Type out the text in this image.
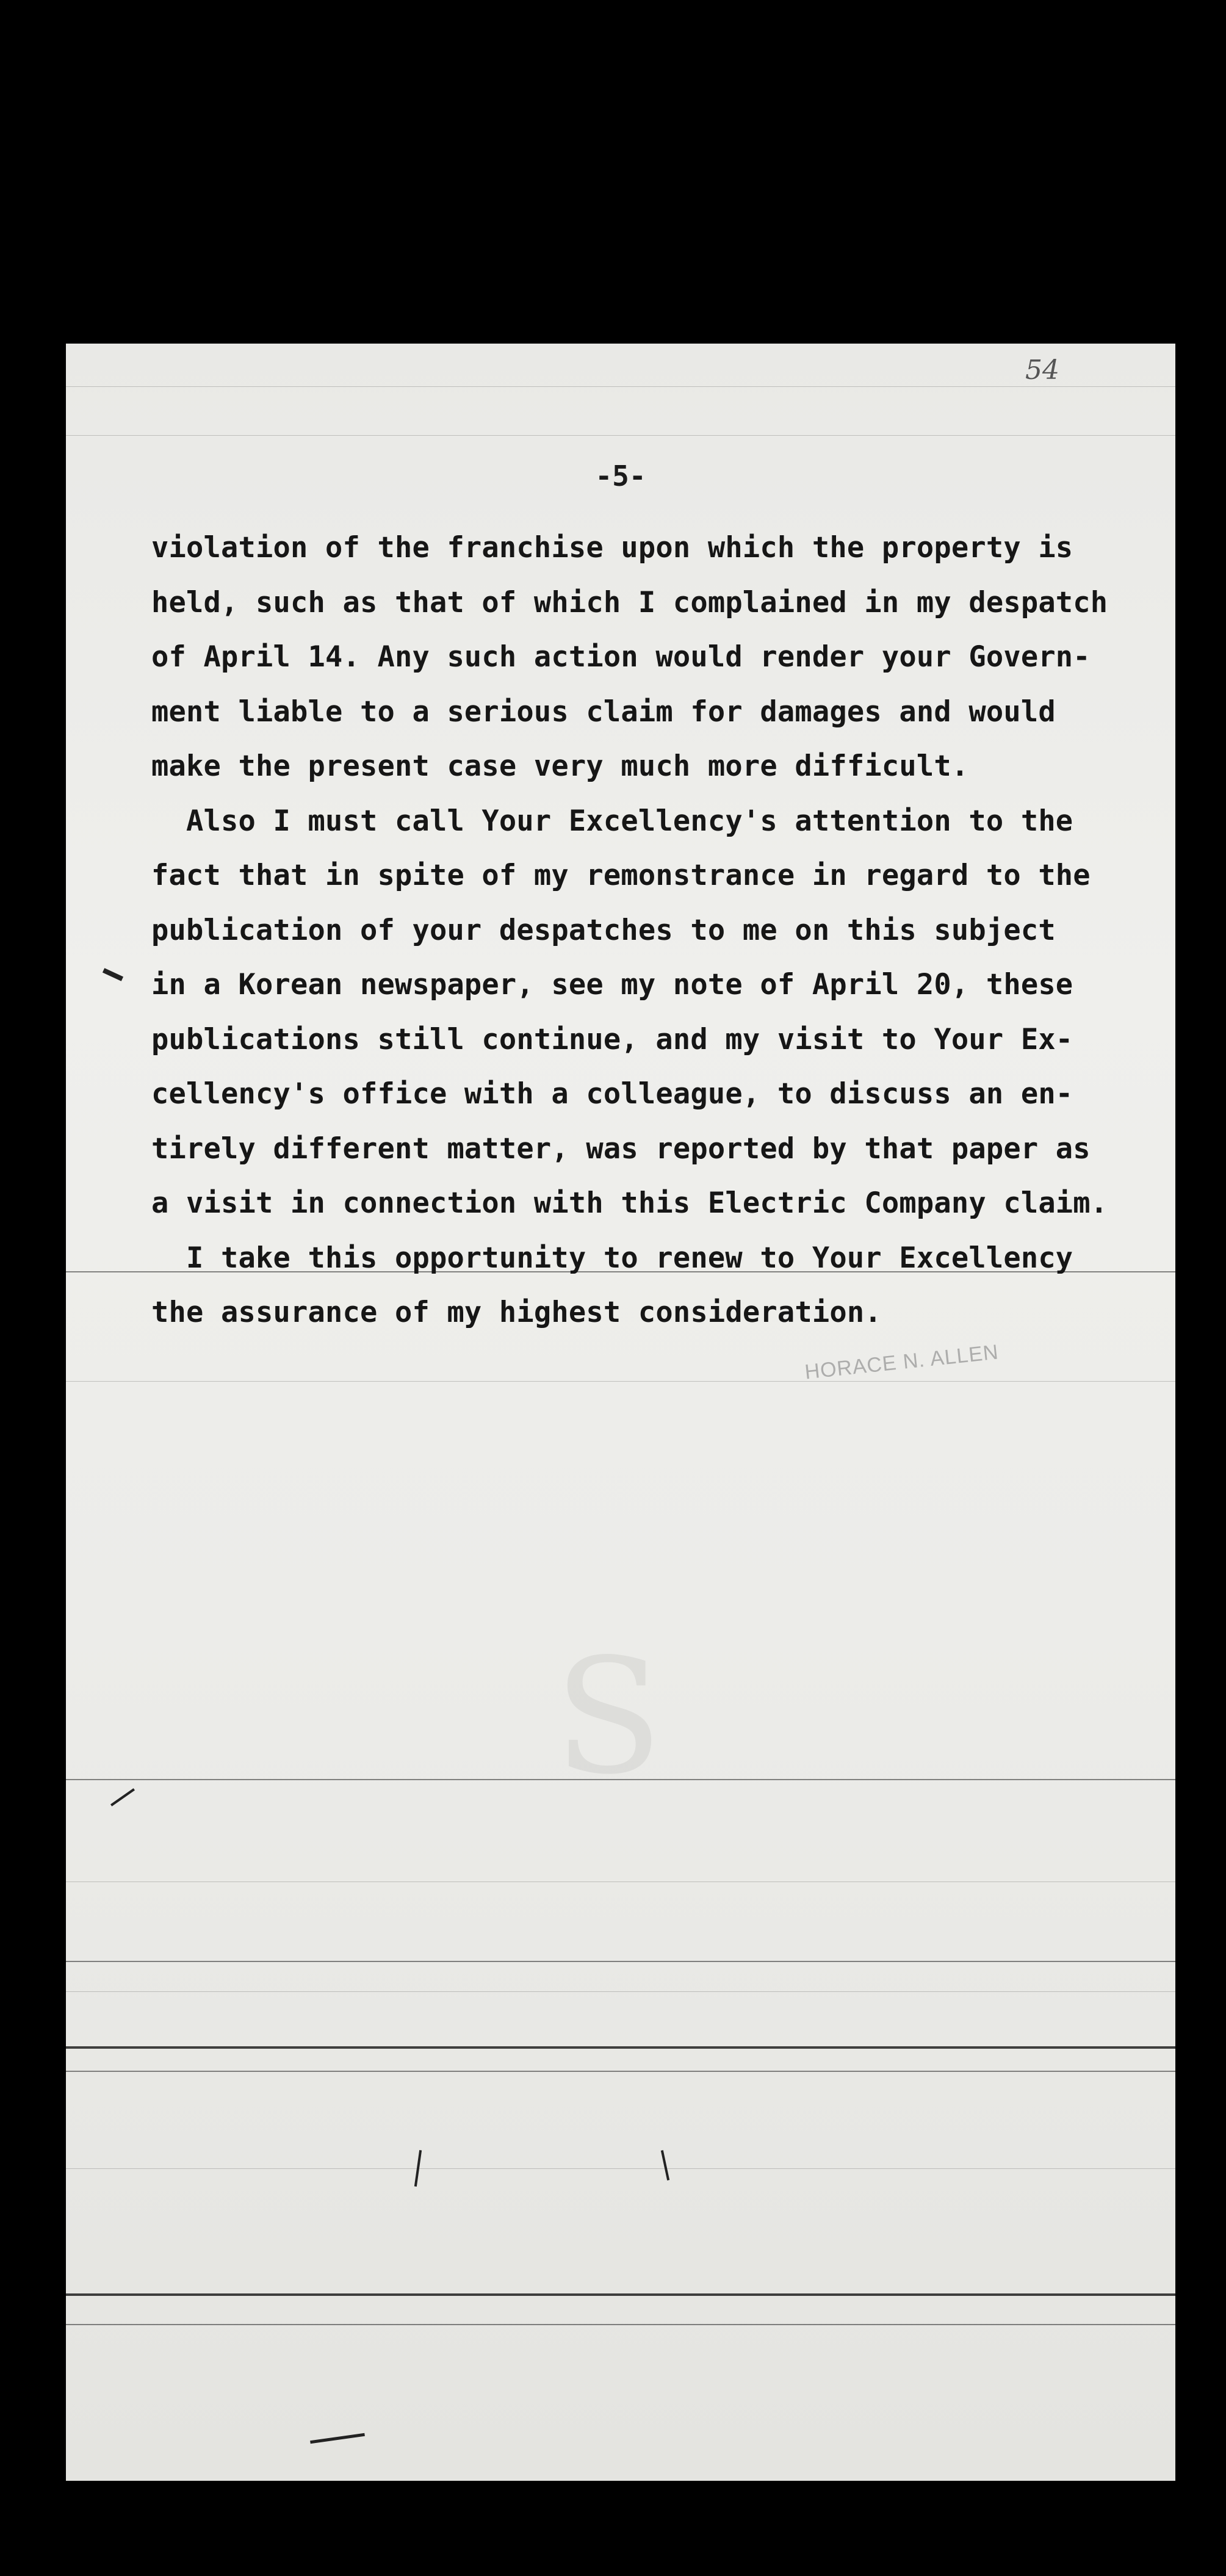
S
54
-5-
violation of the franchise upon which the property is
held, such as that of which I complained in my despatch
of April 14. Any such action would render your Govern-
ment liable to a serious claim for damages and would
make the present case very much more difficult.
Also I must call Your Excellency's attention to the
fact that in spite of my remonstrance in regard to the
publication of your despatches to me on this subject
in a Korean newspaper, see my note of April 20, these
publications still continue, and my visit to Your Ex-
cellency's office with a colleague, to discuss an en-
tirely different matter, was reported by that paper as
a visit in connection with this Electric Company claim.
I take this opportunity to renew to Your Excellency
the assurance of my highest consideration.
HORACE N. ALLEN
